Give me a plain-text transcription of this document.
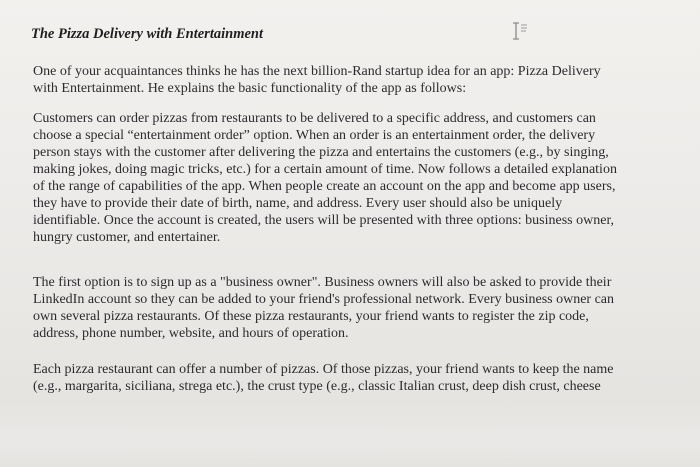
The Pizza Delivery with Entertainment
One of your acquaintances thinks he has the next billion-Rand startup idea for an app: Pizza Delivery
with Entertainment. He explains the basic functionality of the app as follows:
Customers can order pizzas from restaurants to be delivered to a specific address, and customers can
choose a special “entertainment order” option. When an order is an entertainment order, the delivery
person stays with the customer after delivering the pizza and entertains the customers (e.g., by singing,
making jokes, doing magic tricks, etc.) for a certain amount of time. Now follows a detailed explanation
of the range of capabilities of the app. When people create an account on the app and become app users,
they have to provide their date of birth, name, and address. Every user should also be uniquely
identifiable. Once the account is created, the users will be presented with three options: business owner,
hungry customer, and entertainer.
The first option is to sign up as a "business owner". Business owners will also be asked to provide their
LinkedIn account so they can be added to your friend's professional network. Every business owner can
own several pizza restaurants. Of these pizza restaurants, your friend wants to register the zip code,
address, phone number, website, and hours of operation.
Each pizza restaurant can offer a number of pizzas. Of those pizzas, your friend wants to keep the name
(e.g., margarita, siciliana, strega etc.), the crust type (e.g., classic Italian crust, deep dish crust, cheese
